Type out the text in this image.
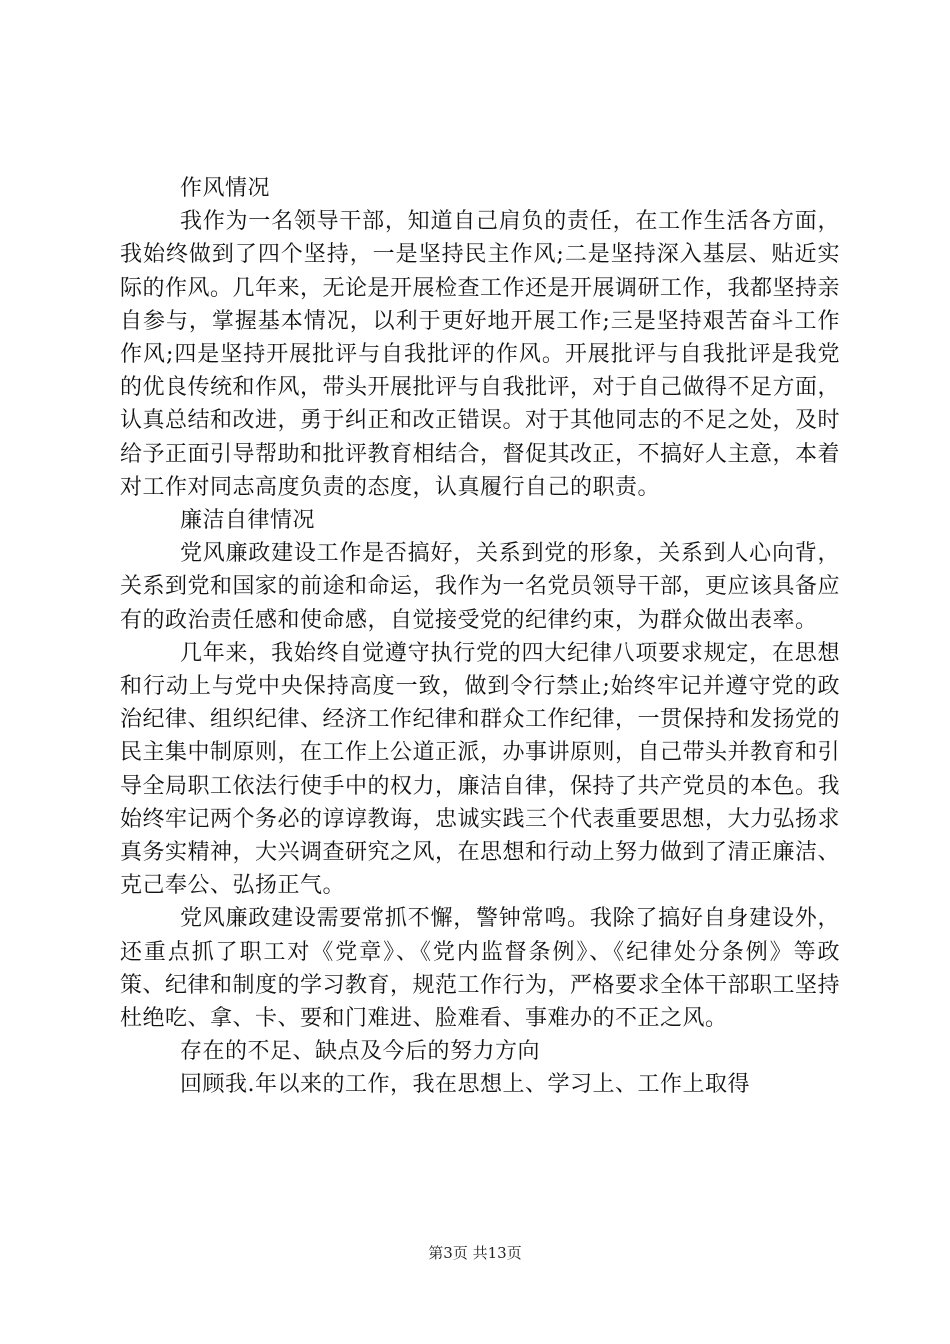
作风情况

我作为一名领导干部，知道自己肩负的责任，在工作生活各方面，我始终做到了四个坚持，一是坚持民主作风;二是坚持深入基层、贴近实际的作风。几年来，无论是开展检查工作还是开展调研工作，我都坚持亲自参与，掌握基本情况，以利于更好地开展工作;三是坚持艰苦奋斗工作作风;四是坚持开展批评与自我批评的作风。开展批评与自我批评是我党的优良传统和作风，带头开展批评与自我批评，对于自己做得不足方面，认真总结和改进，勇于纠正和改正错误。对于其他同志的不足之处，及时给予正面引导帮助和批评教育相结合，督促其改正，不搞好人主意，本着对工作对同志高度负责的态度，认真履行自己的职责。

廉洁自律情况

党风廉政建设工作是否搞好，关系到党的形象，关系到人心向背，关系到党和国家的前途和命运，我作为一名党员领导干部，更应该具备应有的政治责任感和使命感，自觉接受党的纪律约束，为群众做出表率。

几年来，我始终自觉遵守执行党的四大纪律八项要求规定，在思想和行动上与党中央保持高度一致，做到令行禁止;始终牢记并遵守党的政治纪律、组织纪律、经济工作纪律和群众工作纪律，一贯保持和发扬党的民主集中制原则，在工作上公道正派，办事讲原则，自己带头并教育和引导全局职工依法行使手中的权力，廉洁自律，保持了共产党员的本色。我始终牢记两个务必的谆谆教诲，忠诚实践三个代表重要思想，大力弘扬求真务实精神，大兴调查研究之风，在思想和行动上努力做到了清正廉洁、克己奉公、弘扬正气。

党风廉政建设需要常抓不懈，警钟常鸣。我除了搞好自身建设外，还重点抓了职工对《党章》、《党内监督条例》、《纪律处分条例》等政策、纪律和制度的学习教育，规范工作行为，严格要求全体干部职工坚持杜绝吃、拿、卡、要和门难进、脸难看、事难办的不正之风。

存在的不足、缺点及今后的努力方向

回顾我.年以来的工作，我在思想上、学习上、工作上取得

第3页 共13页
